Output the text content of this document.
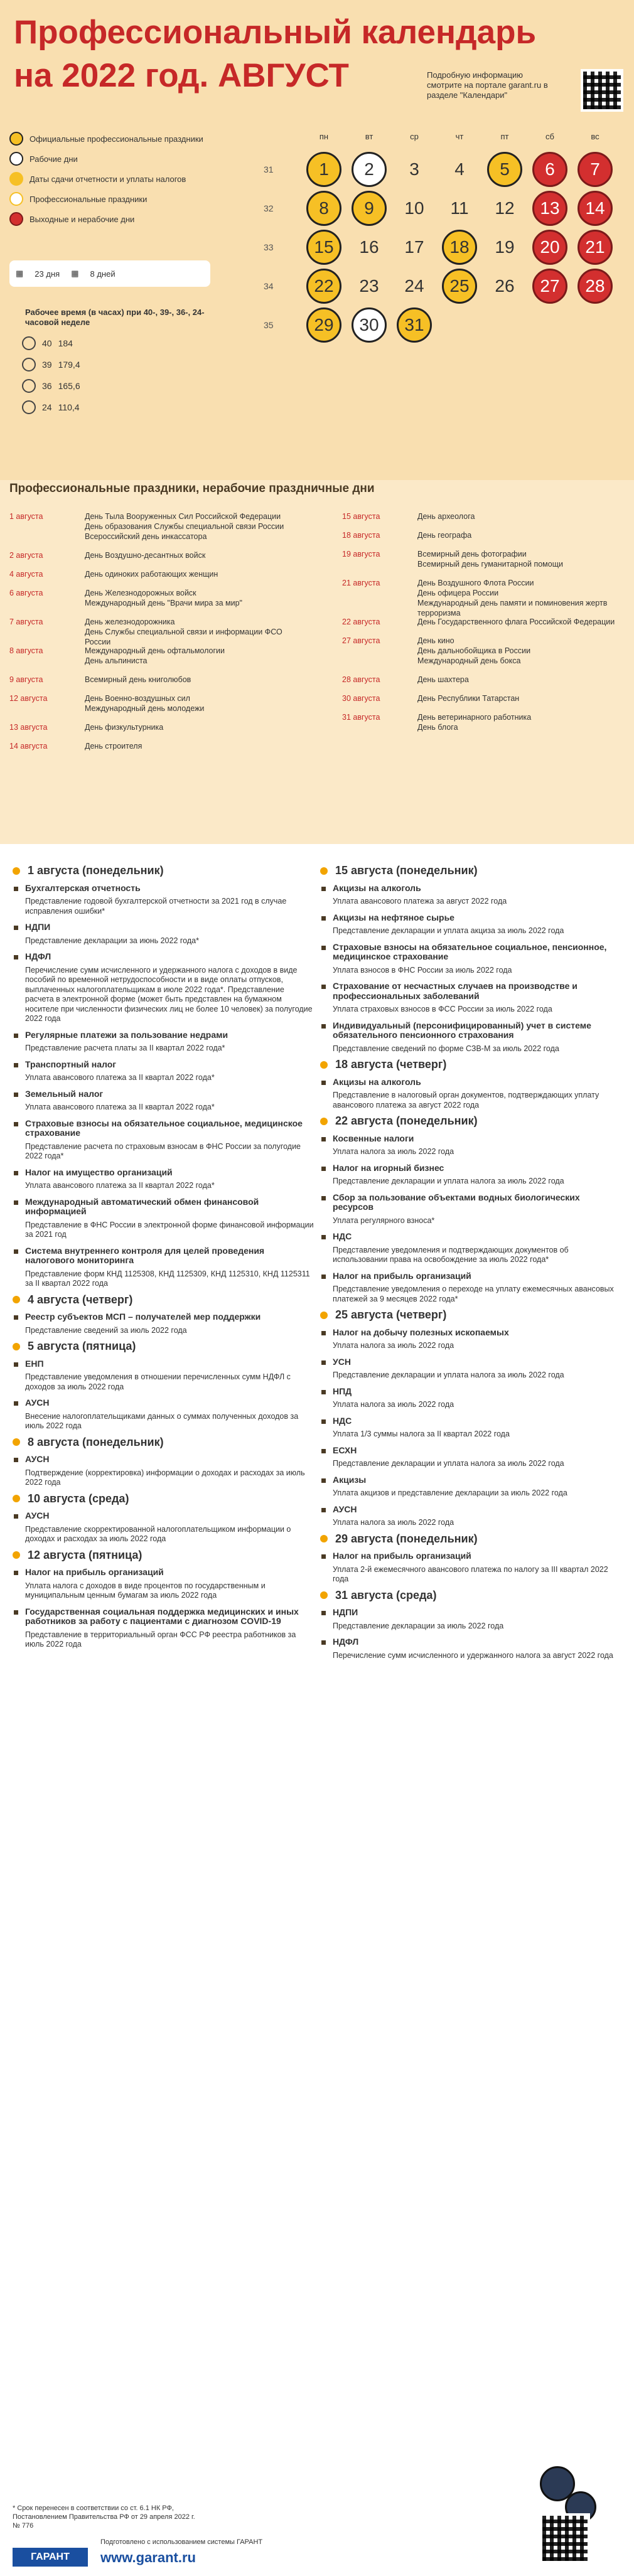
Профессиональный календарь
на 2022 год. АВГУСТ	Подробную информацию смотрите на портале garant.ru в разделе "Календари"
Официальные профессиональные праздники
Рабочие дни
Даты сдачи отчетности и уплаты налогов
Профессиональные праздники
Выходные и нерабочие дни
▦ 23 дня ▦ 8 дней
Рабочее время (в часах) при 40-, 39-, 36-, 24-часовой неделе
40 184
39 179,4
36 165,6
24 110,4
пн	вт	ср	чт	пт	сб	вс
31	1	2	3	4	5	6	7
32	8	9	10	11	12	13	14
33	15	16	17	18	19	20	21
34	22	23	24	25	26	27	28
35	29	30	31
Профессиональные праздники, нерабочие праздничные дни
1 августа	День Тыла Вооруженных Сил Российской Федерации
День образования Службы специальной связи России
Всероссийский день инкассатора
2 августа	День Воздушно-десантных войск
4 августа	День одиноких работающих женщин
6 августа	День Железнодорожных войск
Международный день "Врачи мира за мир"
7 августа	День железнодорожника
День Службы специальной связи и информации ФСО России
8 августа	Международный день офтальмологии
День альпиниста
9 августа	Всемирный день книголюбов
12 августа	День Военно-воздушных сил
Международный день молодежи
13 августа	День физкультурника
14 августа	День строителя
15 августа	День археолога
18 августа	День географа
19 августа	Всемирный день фотографии
Всемирный день гуманитарной помощи
21 августа	День Воздушного Флота России
День офицера России
Международный день памяти и поминовения жертв терроризма
22 августа	День Государственного флага Российской Федерации
27 августа	День кино
День дальнобойщика в России
Международный день бокса
28 августа	День шахтера
30 августа	День Республики Татарстан
31 августа	День ветеринарного работника
День блога
1 августа (понедельник)
Бухгалтерская отчетность

Представление годовой бухгалтерской отчетности за 2021 год в случае исправления ошибки*

НДПИ

Представление декларации за июнь 2022 года*

НДФЛ

Перечисление сумм исчисленного и удержанного налога с доходов в виде пособий по временной нетрудоспособности и в виде оплаты отпусков, выплаченных налогоплательщикам в июле 2022 года*. Представление расчета в электронной форме (может быть представлен на бумажном носителе при численности физических лиц не более 10 человек) за полугодие 2022 года

Регулярные платежи за пользование недрами

Представление расчета платы за II квартал 2022 года*

Транспортный налог

Уплата авансового платежа за II квартал 2022 года*

Земельный налог

Уплата авансового платежа за II квартал 2022 года*

Страховые взносы на обязательное социальное, медицинское страхование

Представление расчета по страховым взносам в ФНС России за полугодие 2022 года*

Налог на имущество организаций

Уплата авансового платежа за II квартал 2022 года*

Международный автоматический обмен финансовой информацией

Представление в ФНС России в электронной форме финансовой информации за 2021 год

Система внутреннего контроля для целей проведения налогового мониторинга

Представление форм КНД 1125308, КНД 1125309, КНД 1125310, КНД 1125311 за II квартал 2022 года

4 августа (четверг)
Реестр субъектов МСП – получателей мер поддержки

Представление сведений за июль 2022 года

5 августа (пятница)
ЕНП

Представление уведомления в отношении перечисленных сумм НДФЛ с доходов за июль 2022 года

АУСН

Внесение налогоплательщиками данных о суммах полученных доходов за июль 2022 года

8 августа (понедельник)
АУСН

Подтверждение (корректировка) информации о доходах и расходах за июль 2022 года

10 августа (среда)
АУСН

Представление скорректированной налогоплательщиком информации о доходах и расходах за июль 2022 года

12 августа (пятница)
Налог на прибыль организаций

Уплата налога с доходов в виде процентов по государственным и муниципальным ценным бумагам за июль 2022 года

Государственная социальная поддержка медицинских и иных работников за работу с пациентами с диагнозом COVID-19

Представление в территориальный орган ФСС РФ реестра работников за июль 2022 года

15 августа (понедельник)
Акцизы на алкоголь

Уплата авансового платежа за август 2022 года

Акцизы на нефтяное сырье

Представление декларации и уплата акциза за июль 2022 года

Страховые взносы на обязательное социальное, пенсионное, медицинское страхование

Уплата взносов в ФНС России за июль 2022 года

Страхование от несчастных случаев на производстве и профессиональных заболеваний

Уплата страховых взносов в ФСС России за июль 2022 года

Индивидуальный (персонифицированный) учет в системе обязательного пенсионного страхования

Представление сведений по форме СЗВ-М за июль 2022 года

18 августа (четверг)
Акцизы на алкоголь

Представление в налоговый орган документов, подтверждающих уплату авансового платежа за август 2022 года

22 августа (понедельник)
Косвенные налоги

Уплата налога за июль 2022 года

Налог на игорный бизнес

Представление декларации и уплата налога за июль 2022 года

Сбор за пользование объектами водных биологических ресурсов

Уплата регулярного взноса*

НДС

Представление уведомления и подтверждающих документов об использовании права на освобождение за июль 2022 года*

Налог на прибыль организаций

Представление уведомления о переходе на уплату ежемесячных авансовых платежей за 9 месяцев 2022 года*

25 августа (четверг)
Налог на добычу полезных ископаемых

Уплата налога за июль 2022 года

УСН

Представление декларации и уплата налога за июль 2022 года

НПД

Уплата налога за июль 2022 года

НДС

Уплата 1/3 суммы налога за II квартал 2022 года

ЕСХН

Представление декларации и уплата налога за июль 2022 года

Акцизы

Уплата акцизов и представление декларации за июль 2022 года

АУСН

Уплата налога за июль 2022 года

29 августа (понедельник)
Налог на прибыль организаций

Уплата 2-й ежемесячного авансового платежа по налогу за III квартал 2022 года

31 августа (среда)
НДПИ

Представление декларации за июль 2022 года

НДФЛ

Перечисление сумм исчисленного и удержанного налога за август 2022 года

* Срок перенесен в соответствии со ст. 6.1 НК РФ, Постановлением Правительства РФ от 29 апреля 2022 г. № 776
ГАРАНТ
Подготовлено с использованием системы ГАРАНТ
www.garant.ru
